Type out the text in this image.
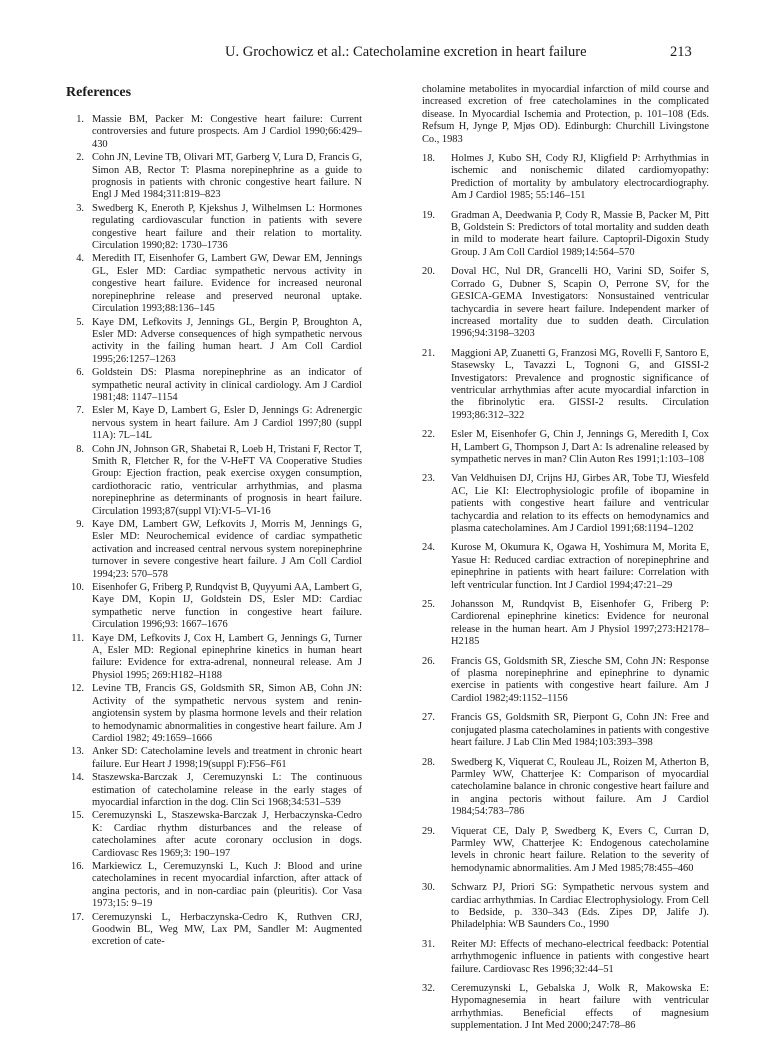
U. Grochowicz et al.: Catecholamine excretion in heart failure	213
References
1. Massie BM, Packer M: Congestive heart failure: Current controversies and future prospects. Am J Cardiol 1990;66:429–430
2. Cohn JN, Levine TB, Olivari MT, Garberg V, Lura D, Francis G, Simon AB, Rector T: Plasma norepinephrine as a guide to prognosis in patients with chronic congestive heart failure. N Engl J Med 1984;311:819–823
3. Swedberg K, Eneroth P, Kjekshus J, Wilhelmsen L: Hormones regulating cardiovascular function in patients with severe congestive heart failure and their relation to mortality. Circulation 1990;82: 1730–1736
4. Meredith IT, Eisenhofer G, Lambert GW, Dewar EM, Jennings GL, Esler MD: Cardiac sympathetic nervous activity in congestive heart failure. Evidence for increased neuronal norepinephrine release and preserved neuronal uptake. Circulation 1993;88:136–145
5. Kaye DM, Lefkovits J, Jennings GL, Bergin P, Broughton A, Esler MD: Adverse consequences of high sympathetic nervous activity in the failing human heart. J Am Coll Cardiol 1995;26:1257–1263
6. Goldstein DS: Plasma norepinephrine as an indicator of sympathetic neural activity in clinical cardiology. Am J Cardiol 1981;48: 1147–1154
7. Esler M, Kaye D, Lambert G, Esler D, Jennings G: Adrenergic nervous system in heart failure. Am J Cardiol 1997;80 (suppl 11A): 7L–14L
8. Cohn JN, Johnson GR, Shabetai R, Loeb H, Tristani F, Rector T, Smith R, Fletcher R, for the V-HeFT VA Cooperative Studies Group: Ejection fraction, peak exercise oxygen consumption, cardiothoracic ratio, ventricular arrhythmias, and plasma norepinephrine as determinants of prognosis in heart failure. Circulation 1993;87(suppl VI):VI-5–VI-16
9. Kaye DM, Lambert GW, Lefkovits J, Morris M, Jennings G, Esler MD: Neurochemical evidence of cardiac sympathetic activation and increased central nervous system norepinephrine turnover in severe congestive heart failure. J Am Coll Cardiol 1994;23: 570–578
10. Eisenhofer G, Friberg P, Rundqvist B, Quyyumi AA, Lambert G, Kaye DM, Kopin IJ, Goldstein DS, Esler MD: Cardiac sympathetic nerve function in congestive heart failure. Circulation 1996;93: 1667–1676
11. Kaye DM, Lefkovits J, Cox H, Lambert G, Jennings G, Turner A, Esler MD: Regional epinephrine kinetics in human heart failure: Evidence for extra-adrenal, nonneural release. Am J Physiol 1995; 269:H182–H188
12. Levine TB, Francis GS, Goldsmith SR, Simon AB, Cohn JN: Activity of the sympathetic nervous system and renin-angiotensin system by plasma hormone levels and their relation to hemodynamic abnormalities in congestive heart failure. Am J Cardiol 1982; 49:1659–1666
13. Anker SD: Catecholamine levels and treatment in chronic heart failure. Eur Heart J 1998;19(suppl F):F56–F61
14. Staszewska-Barczak J, Ceremuzynski L: The continuous estimation of catecholamine release in the early stages of myocardial infarction in the dog. Clin Sci 1968;34:531–539
15. Ceremuzynski L, Staszewska-Barczak J, Herbaczynska-Cedro K: Cardiac rhythm disturbances and the release of catecholamines after acute coronary occlusion in dogs. Cardiovasc Res 1969;3: 190–197
16. Markiewicz L, Ceremuzynski L, Kuch J: Blood and urine catecholamines in recent myocardial infarction, after attack of angina pectoris, and in non-cardiac pain (pleuritis). Cor Vasa 1973;15: 9–19
17. Ceremuzynski L, Herbaczynska-Cedro K, Ruthven CRJ, Goodwin BL, Weg MW, Lax PM, Sandler M: Augmented excretion of cate-
cholamine metabolites in myocardial infarction of mild course and increased excretion of free catecholamines in the complicated disease. In Myocardial Ischemia and Protection, p. 101–108 (Eds. Refsum H, Jynge P, Mjøs OD). Edinburgh: Churchill Livingstone Co., 1983
18.	Holmes J, Kubo SH, Cody RJ, Kligfield P: Arrhythmias in ischemic and nonischemic dilated cardiomyopathy: Prediction of mortality by ambulatory electrocardiography. Am J Cardiol 1985; 55:146–151
19.	Gradman A, Deedwania P, Cody R, Massie B, Packer M, Pitt B, Goldstein S: Predictors of total mortality and sudden death in mild to moderate heart failure. Captopril-Digoxin Study Group. J Am Coll Cardiol 1989;14:564–570
20.	Doval HC, Nul DR, Grancelli HO, Varini SD, Soifer S, Corrado G, Dubner S, Scapin O, Perrone SV, for the GESICA-GEMA Investigators: Nonsustained ventricular tachycardia in severe heart failure. Independent marker of increased mortality due to sudden death. Circulation 1996;94:3198–3203
21.	Maggioni AP, Zuanetti G, Franzosi MG, Rovelli F, Santoro E, Stasewsky L, Tavazzi L, Tognoni G, and GISSI-2 Investigators: Prevalence and prognostic significance of ventricular arrhythmias after acute myocardial infarction in the fibrinolytic era. GISSI-2 results. Circulation 1993;86:312–322
22.	Esler M, Eisenhofer G, Chin J, Jennings G, Meredith I, Cox H, Lambert G, Thompson J, Dart A: Is adrenaline released by sympathetic nerves in man? Clin Auton Res 1991;1:103–108
23.	Van Veldhuisen DJ, Crijns HJ, Girbes AR, Tobe TJ, Wiesfeld AC, Lie KI: Electrophysiologic profile of ibopamine in patients with congestive heart failure and ventricular tachycardia and relation to its effects on hemodynamics and plasma catecholamines. Am J Cardiol 1991;68:1194–1202
24.	Kurose M, Okumura K, Ogawa H, Yoshimura M, Morita E, Yasue H: Reduced cardiac extraction of norepinephrine and epinephrine in patients with heart failure: Correlation with left ventricular function. Int J Cardiol 1994;47:21–29
25.	Johansson M, Rundqvist B, Eisenhofer G, Friberg P: Cardiorenal epinephrine kinetics: Evidence for neuronal release in the human heart. Am J Physiol 1997;273:H2178–H2185
26.	Francis GS, Goldsmith SR, Ziesche SM, Cohn JN: Response of plasma norepinephrine and epinephrine to dynamic exercise in patients with congestive heart failure. Am J Cardiol 1982;49:1152–1156
27.	Francis GS, Goldsmith SR, Pierpont G, Cohn JN: Free and conjugated plasma catecholamines in patients with congestive heart failure. J Lab Clin Med 1984;103:393–398
28.	Swedberg K, Viquerat C, Rouleau JL, Roizen M, Atherton B, Parmley WW, Chatterjee K: Comparison of myocardial catecholamine balance in chronic congestive heart failure and in angina pectoris without failure. Am J Cardiol 1984;54:783–786
29.	Viquerat CE, Daly P, Swedberg K, Evers C, Curran D, Parmley WW, Chatterjee K: Endogenous catecholamine levels in chronic heart failure. Relation to the severity of hemodynamic abnormalities. Am J Med 1985;78:455–460
30.	Schwarz PJ, Priori SG: Sympathetic nervous system and cardiac arrhythmias. In Cardiac Electrophysiology. From Cell to Bedside, p. 330–343 (Eds. Zipes DP, Jalife J). Philadelphia: WB Saunders Co., 1990
31.	Reiter MJ: Effects of mechano-electrical feedback: Potential arrhythmogenic influence in patients with congestive heart failure. Cardiovasc Res 1996;32:44–51
32.	Ceremuzynski L, Gebalska J, Wolk R, Makowska E: Hypomagnesemia in heart failure with ventricular arrhythmias. Beneficial effects of magnesium supplementation. J Int Med 2000;247:78–86
